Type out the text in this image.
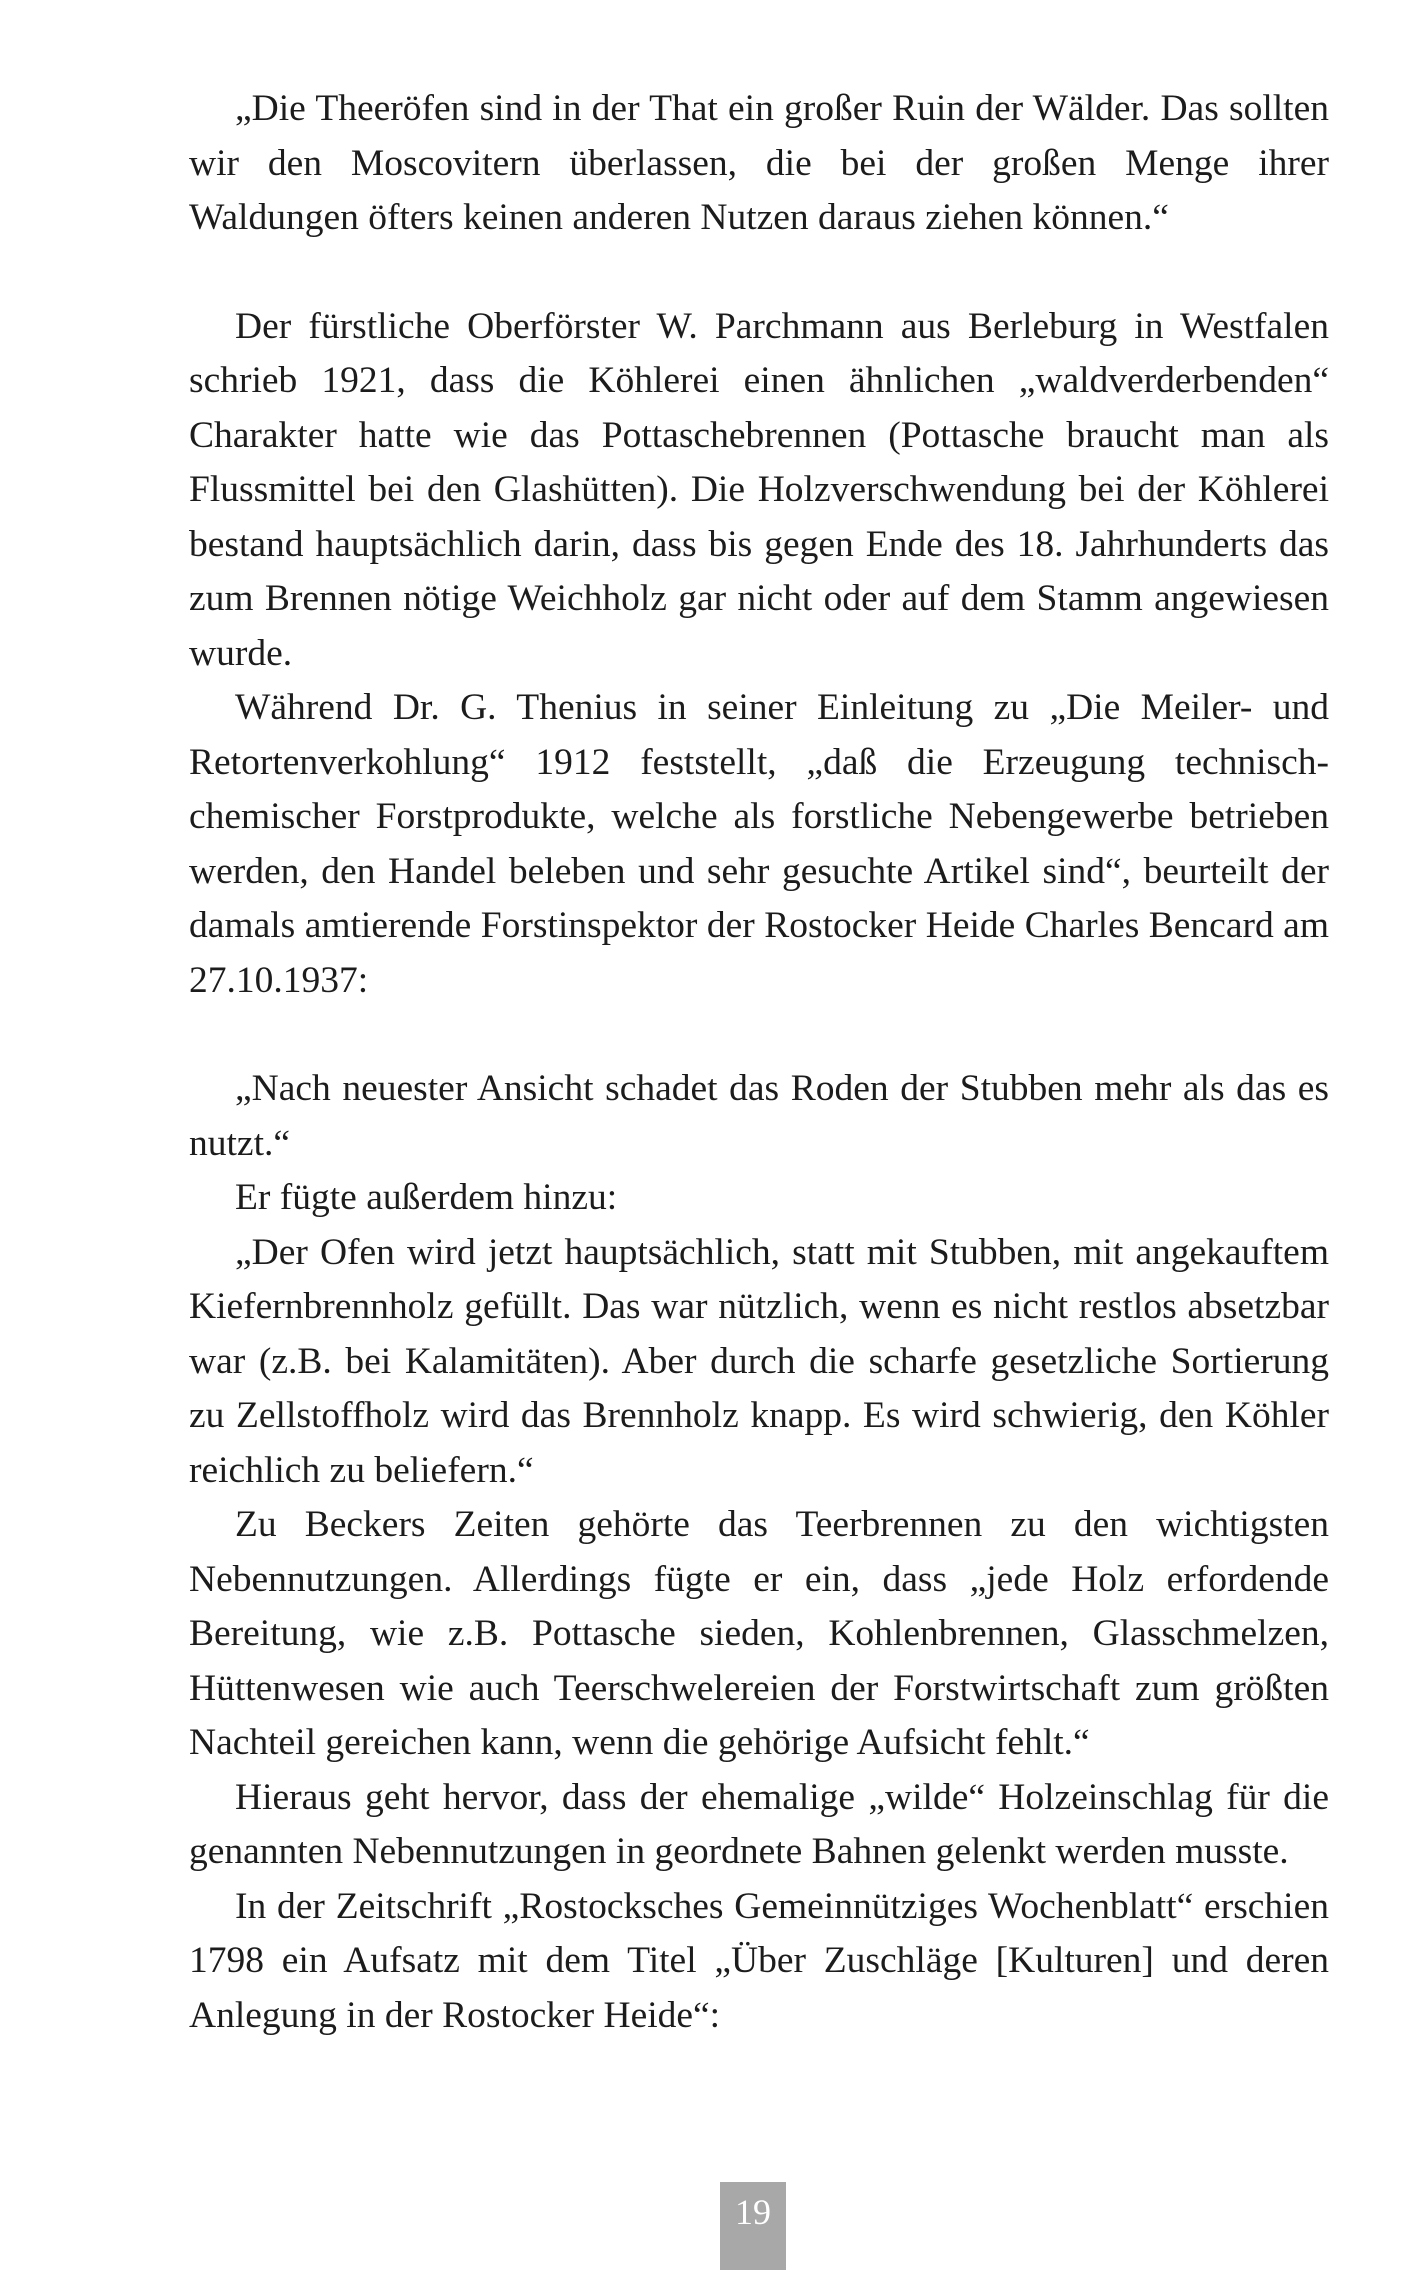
„Die Theeröfen sind in der That ein großer Ruin der Wälder. Das sollten wir den Moscovitern überlassen, die bei der großen Menge ihrer Waldungen öfters keinen anderen Nutzen daraus ziehen können.“

Der fürstliche Oberförster W. Parchmann aus Berleburg in Westfalen schrieb 1921, dass die Köhlerei einen ähnlichen „waldverderbenden“ Charakter hatte wie das Pottaschebrennen (Pottasche braucht man als Flussmittel bei den Glashütten). Die Holzverschwendung bei der Köhlerei bestand hauptsächlich darin, dass bis gegen Ende des 18. Jahrhunderts das zum Brennen nötige Weichholz gar nicht oder auf dem Stamm angewiesen wurde.

Während Dr. G. Thenius in seiner Einleitung zu „Die Meiler- und Retortenverkohlung“ 1912 feststellt, „daß die Erzeugung technisch-chemischer Forstprodukte, welche als forstliche Nebengewerbe betrieben werden, den Handel beleben und sehr gesuchte Artikel sind“, beurteilt der damals amtierende Forstinspektor der Rostocker Heide Charles Bencard am 27.10.1937:

„Nach neuester Ansicht schadet das Roden der Stubben mehr als das es nutzt.“

Er fügte außerdem hinzu:

„Der Ofen wird jetzt hauptsächlich, statt mit Stubben, mit angekauftem Kiefernbrennholz gefüllt. Das war nützlich, wenn es nicht restlos absetzbar war (z.B. bei Kalamitäten). Aber durch die scharfe gesetzliche Sortierung zu Zellstoffholz wird das Brennholz knapp. Es wird schwierig, den Köhler reichlich zu beliefern.“

Zu Beckers Zeiten gehörte das Teerbrennen zu den wichtigsten Nebennutzungen. Allerdings fügte er ein, dass „jede Holz erfordende Bereitung, wie z.B. Pottasche sieden, Kohlenbrennen, Glasschmelzen, Hüttenwesen wie auch Teerschwelereien der Forstwirtschaft zum größten Nachteil gereichen kann, wenn die gehörige Aufsicht fehlt.“

Hieraus geht hervor, dass der ehemalige „wilde“ Holzeinschlag für die genannten Nebennutzungen in geordnete Bahnen gelenkt werden musste.

In der Zeitschrift „Rostocksches Gemeinnütziges Wochenblatt“ erschien 1798 ein Aufsatz mit dem Titel „Über Zuschläge [Kulturen] und deren Anlegung in der Rostocker Heide“:

19
